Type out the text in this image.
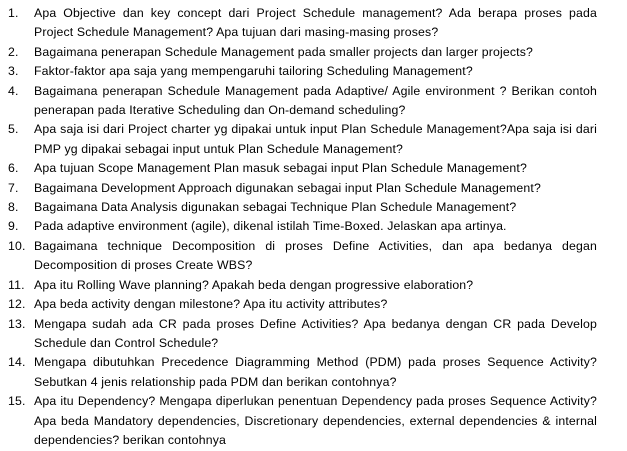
1.	Apa Objective dan key concept dari Project Schedule management? Ada berapa proses pada Project Schedule Management? Apa tujuan dari masing-masing proses?
2.	Bagaimana penerapan Schedule Management pada smaller projects dan larger projects?
3.	Faktor-faktor apa saja yang mempengaruhi tailoring Scheduling Management?
4.	Bagaimana penerapan Schedule Management pada Adaptive/ Agile environment ? Berikan contoh penerapan pada Iterative Scheduling dan On-demand scheduling?
5.	Apa saja isi dari Project charter yg dipakai untuk input Plan Schedule Management?Apa saja isi dari PMP yg dipakai sebagai input untuk Plan Schedule Management?
6.	Apa tujuan Scope Management Plan masuk sebagai input Plan Schedule Management?
7.	Bagaimana Development Approach digunakan sebagai input Plan Schedule Management?
8.	Bagaimana Data Analysis digunakan sebagai Technique Plan Schedule Management?
9.	Pada adaptive environment (agile), dikenal istilah Time-Boxed. Jelaskan apa artinya.
10. Bagaimana technique Decomposition di proses Define Activities, dan apa bedanya degan Decomposition di proses Create WBS?
11. Apa itu Rolling Wave planning? Apakah beda dengan progressive elaboration?
12. Apa beda activity dengan milestone? Apa itu activity attributes?
13. Mengapa sudah ada CR pada proses Define Activities? Apa bedanya dengan CR pada Develop Schedule dan Control Schedule?
14. Mengapa dibutuhkan Precedence Diagramming Method (PDM) pada proses Sequence Activity? Sebutkan 4 jenis relationship pada PDM dan berikan contohnya?
15. Apa itu Dependency? Mengapa diperlukan penentuan Dependency pada proses Sequence Activity? Apa beda Mandatory dependencies, Discretionary dependencies, external dependencies & internal dependencies? berikan contohnya
